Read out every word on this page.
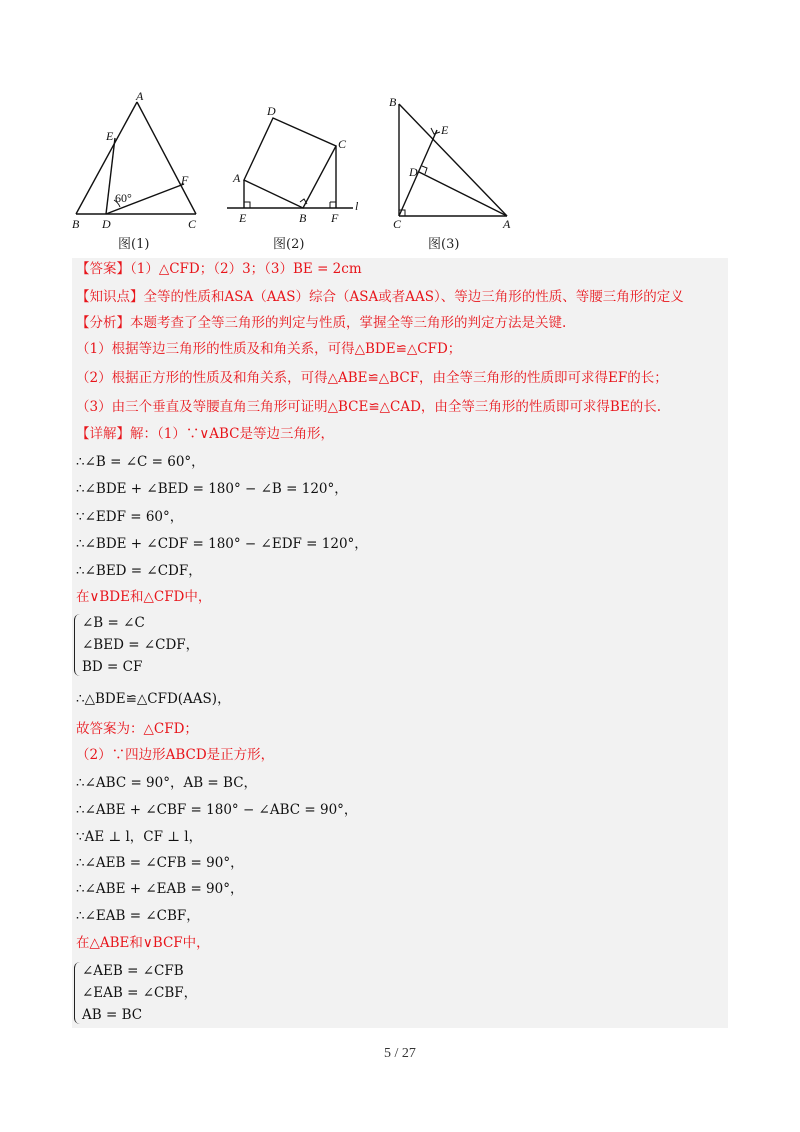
A
E
F
B D	C
60°
图(1)
D
C
A
E	B F
l
图(2)
B
E
D
C	A
图(3)
【答案】（1）△CFD；（2）3；（3）BE = 2cm
【知识点】全等的性质和ASA（AAS）综合（ASA或者AAS）、等边三角形的性质、等腰三角形的定义
【分析】本题考查了全等三角形的判定与性质，掌握全等三角形的判定方法是关键.
（1）根据等边三角形的性质及和角关系，可得△BDE≌△CFD；
（2）根据正方形的性质及和角关系，可得△ABE≌△BCF，由全等三角形的性质即可求得EF的长；
（3）由三个垂直及等腰直角三角形可证明△BCE≌△CAD，由全等三角形的性质即可求得BE的长.
【详解】解：（1）∵∨ABC是等边三角形，
∴∠B = ∠C = 60°，
∴∠BDE + ∠BED = 180° − ∠B = 120°，
∵∠EDF = 60°，
∴∠BDE + ∠CDF = 180° − ∠EDF = 120°，
∴∠BED = ∠CDF，
在∨BDE和△CFD中，
∠B = ∠C
∠BED = ∠CDF，
BD = CF
∴△BDE≌△CFD(AAS)，
故答案为：△CFD；
（2）∵四边形ABCD是正方形，
∴∠ABC = 90°，AB = BC，
∴∠ABE + ∠CBF = 180° − ∠ABC = 90°，
∵AE ⊥ l，CF ⊥ l，
∴∠AEB = ∠CFB = 90°，
∴∠ABE + ∠EAB = 90°，
∴∠EAB = ∠CBF，
在△ABE和∨BCF中，
∠AEB = ∠CFB
∠EAB = ∠CBF，
AB = BC
5 / 27
